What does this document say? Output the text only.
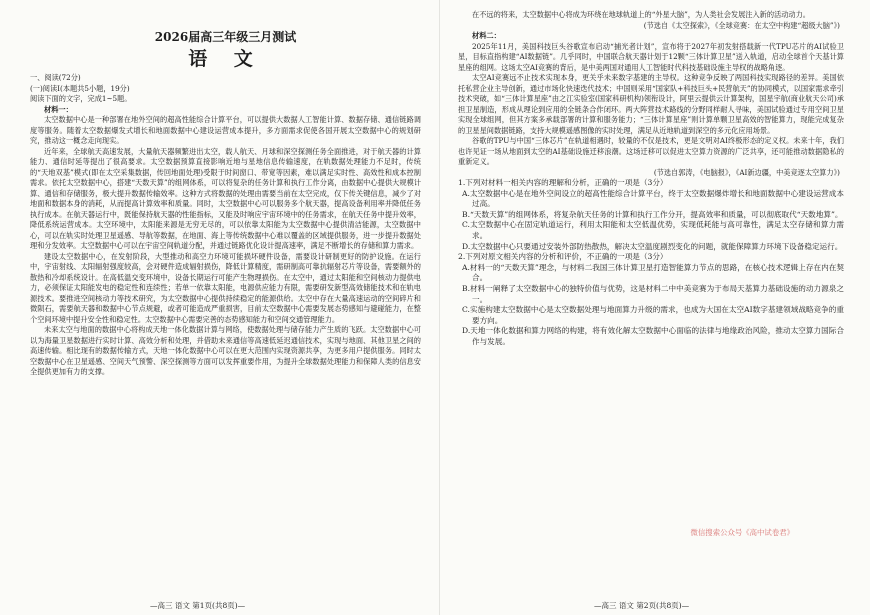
2026届高三年级三月测试

语 文

一、阅读(72分)

(一)阅读I(本题共5小题，19分)

阅读下面的文字，完成1~5题。

材料一：

太空数据中心是一种部署在地外空间的超高性能综合计算平台，可以提供大数据人工智能计算、数据存储、通信链路调度等服务。随着太空数据爆发式增长和地面数据中心建设运营成本提升，多方面需求促使各国开展太空数据中心的规划研究，推动这一概念走向现实。

近年来，全球航天高速发展，大量航天器频繁进出太空，载人航天、月球和深空探测任务全面推进，对于航天器的计算能力、通信时延等提出了很高要求。太空数据预算直接影响近地与星地信息传输速度，在轨数据处理能力不足时，传统的“天地双基”模式(即在太空采集数据，传回地面处理)受限于时间窗口、带宽等因素，难以满足实时性、高效性和成本控制需求。依托太空数据中心，搭建“天数天算”的组网体系，可以将复杂的任务计算和执行工作分离，由数据中心提供大规模计算、通信和存储服务，极大提升数据传输效率。这种方式将数据的处理由需要当前在太空完成，仅下传关键信息，减少了对地面和数据本身的消耗，从而提高计算效率和质量。同时，太空数据中心可以服务多个航天器，提高设备利用率并降低任务执行成本。在航天器运行中，既能保持航天器的性能指标，又能及时响应宇宙环境中的任务需求，在航天任务中提升效率，降低系统运营成本。太空环境中，太阳能来源是无穷无尽的，可以依靠太阳能为太空数据中心提供清洁能源，太空数据中心，可以在轨实时处理卫星遥感、导航等数据，在地面、海上等传统数据中心难以覆盖的区域提供服务，进一步提升数据处理和分发效率。太空数据中心可以在宇宙空间轨道分配，并通过链路优化设计提高速率，满足不断增长的存储和算力需求。

建设太空数据中心，在发射阶段，大型推动和高空力环境可能损坏硬件设备，需要设计研制更好的防护设施。在运行中，宇宙射线、太阳辐射强度较高，会对硬件造成辐射损伤，降低计算精度，需研制高可靠抗辐射芯片等设备，需要额外的散热和冷却系统设计。在高低温交变环境中，设备长期运行可能产生物理损伤。在太空中，通过太阳能和空间核动力提供电力，必须保证太阳能发电的稳定性和连续性；若单一依靠太阳能，电源供应能力有限，需要研发新型高效储能技术和在轨电源技术。要推进空间核动力等技术研究，为太空数据中心提供持续稳定的能源供给。太空中存在大量高速运动的空间碎片和微陨石，需要航天器和数据中心节点规避，或者可能造成严重损害，目前太空数据中心需要发展态势感知与避碰能力，在整个空间环境中提升安全性和稳定性。太空数据中心需要完善的态势感知能力和空间交通管理能力。

未来太空与地面的数据中心将构成天地一体化数据计算与网络，使数据处理与储存能力产生质的飞跃。太空数据中心可以为海量卫星数据进行实时计算、高效分析和处理，并借助未来通信等高速低延迟通信技术，实现与地面、其他卫星之间的高速传输。相比现有的数据传输方式，天地一体化数据中心可以在更大范围内实现资源共享，为更多用户提供服务。同时太空数据中心在卫星遥感、空间天气预警、深空探测等方面可以发挥重要作用，为提升全球数据处理能力和保障人类的信息安全提供更加有力的支撑。

—高三 语文 第1页(共8页)—

在不远的将来，太空数据中心将成为环绕在地球轨道上的“外星大脑”，为人类社会发展注入新的活动动力。

(节选自《太空探索》，《全球竞赛：在太空中构建“超级大脑”》)

材料二：

2025年11月，美国科技巨头谷歌宣布启动“捕光者计划”，宣布将于2027年初发射搭载新一代TPU芯片的AI试验卫星，目标直指构建“AI数据链”。几乎同时，中国联合航天器计划于12颗“三体计算卫星”送入轨道，启动全球首个天基计算星座的组网。这场太空AI竞赛的背后，是中美两国对通用人工智能时代科技基础设施主导权的战略角逐。

太空AI竞赛远不止技术实现本身，更关乎未来数字基建的主导权。这种竞争反映了两国科技实现路径的差异。美国依托私营企业主导创新，通过市场化快速迭代技术；中国则采用“国家队+科技巨头+民营航天”的协同模式，以国家需求牵引技术突破，如“三体计算星座”由之江实验室(国家科研机构)领衔设计，阿里云提供云计算架构，国星宇航(商业航天公司)承担卫星制造，形成从理论到应用的全链条合作闭环。两大阵营技术路线的分野同样耐人寻味，美国试验通过专用空间卫星实现全球组网，但其方案多承载部署的计算和服务能力；“三体计算星座”则计算单颗卫星高效的智能算力，现能完成复杂的卫星星间数据链路，支持大规模遥感图像的实时处理，满足从近地轨道到深空的多元化应用场景。

谷歌的TPU与中国“三体芯片”在轨道相遇时，较量的不仅是技术，更是文明对AI终极形态的定义权。未来十年，我们也许见证一场从地面到太空的AI基础设施迁移浪潮。这场迁移可以促进太空算力资源的广泛共享，还可能推动数据隐私的重新定义。

(节选自郭涛，《电脑报》，《AI新边疆，中美竞逐太空算力》)

1.下列对材料一相关内容的理解和分析，正确的一项是（3分）

A.太空数据中心是在地外空间设立的超高性能综合计算平台，终于太空数据爆炸增长和地面数据中心建设运营成本过高。

B.“天数天算”的组网体系，将复杂航天任务的计算和执行工作分开，提高效率和质量，可以彻底取代“天数地算”。

C.太空数据中心在固定轨道运行，利用太阳能和太空低温优势，实现低耗能与高可靠性，满足太空存储和算力需求。

D.太空数据中心只要通过安装外部防热散热，解决太空温度剧烈变化的问题，就能保障算力环境下设备稳定运行。

2.下列对原文相关内容的分析和评价，不正确的一项是（3分）

A.材料一的“天数天算”理念，与材料二我国三体计算卫星打造智能算力节点的思路，在核心技术逻辑上存在内在契合。

B.材料一阐释了太空数据中心的独特价值与优势，这是材料二中中美竞赛为于布局天基算力基础设施的动力源泉之一。

C.实施构建太空数据中心是太空数据处理与地面算力升级的需求，也成为大国在太空AI数字基建领域战略竞争的重要方向。

D.天地一体化数据和算力网络的构建，将有效化解太空数据中心面临的法律与地缘政治风险，推动太空算力国际合作与发展。

—高三 语文 第2页(共8页)—
微信搜索公众号《高中试卷君》
